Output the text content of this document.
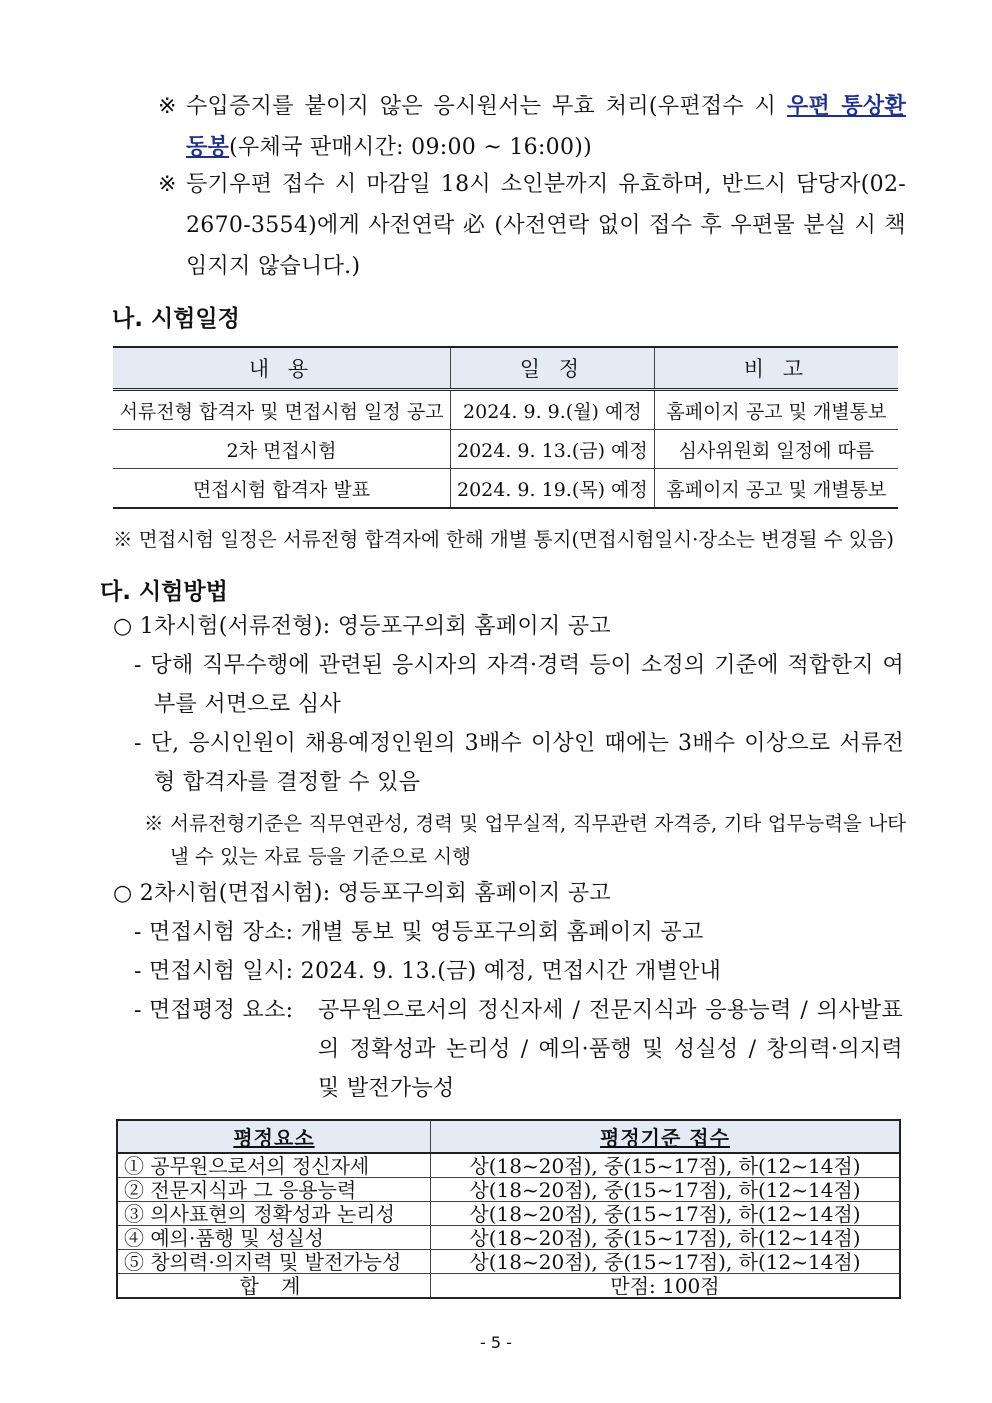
※ 수입증지를 붙이지 않은 응시원서는 무효 처리(우편접수 시 우편 통상환 동봉(우체국 판매시간: 09:00 ~ 16:00))
※ 등기우편 접수 시 마감일 18시 소인분까지 유효하며, 반드시 담당자(02-2670-3554)에게 사전연락 必 (사전연락 없이 접수 후 우편물 분실 시 책임지지 않습니다.)
나. 시험일정
내 용	일 정	비 고
서류전형 합격자 및 면접시험 일정 공고	2024. 9. 9.(월) 예정	홈페이지 공고 및 개별통보
2차 면접시험	2024. 9. 13.(금) 예정	심사위원회 일정에 따름
면접시험 합격자 발표	2024. 9. 19.(목) 예정	홈페이지 공고 및 개별통보
※ 면접시험 일정은 서류전형 합격자에 한해 개별 통지(면접시험일시·장소는 변경될 수 있음)
다. 시험방법
○ 1차시험(서류전형): 영등포구의회 홈페이지 공고
- 당해 직무수행에 관련된 응시자의 자격·경력 등이 소정의 기준에 적합한지 여부를 서면으로 심사
- 단, 응시인원이 채용예정인원의 3배수 이상인 때에는 3배수 이상으로 서류전형 합격자를 결정할 수 있음
※ 서류전형기준은 직무연관성, 경력 및 업무실적, 직무관련 자격증, 기타 업무능력을 나타낼 수 있는 자료 등을 기준으로 시행
○ 2차시험(면접시험): 영등포구의회 홈페이지 공고
- 면접시험 장소: 개별 통보 및 영등포구의회 홈페이지 공고
- 면접시험 일시: 2024. 9. 13.(금) 예정, 면접시간 개별안내
- 면접평정 요소: 공무원으로서의 정신자세 / 전문지식과 응용능력 / 의사발표의 정확성과 논리성 / 예의·품행 및 성실성 / 창의력·의지력 및 발전가능성
평정요소	평정기준 접수
① 공무원으로서의 정신자세	상(18~20점), 중(15~17점), 하(12~14점)
② 전문지식과 그 응용능력	상(18~20점), 중(15~17점), 하(12~14점)
③ 의사표현의 정확성과 논리성	상(18~20점), 중(15~17점), 하(12~14점)
④ 예의·품행 및 성실성	상(18~20점), 중(15~17점), 하(12~14점)
⑤ 창의력·의지력 및 발전가능성	상(18~20점), 중(15~17점), 하(12~14점)
합 계	만점: 100점
- 5 -
